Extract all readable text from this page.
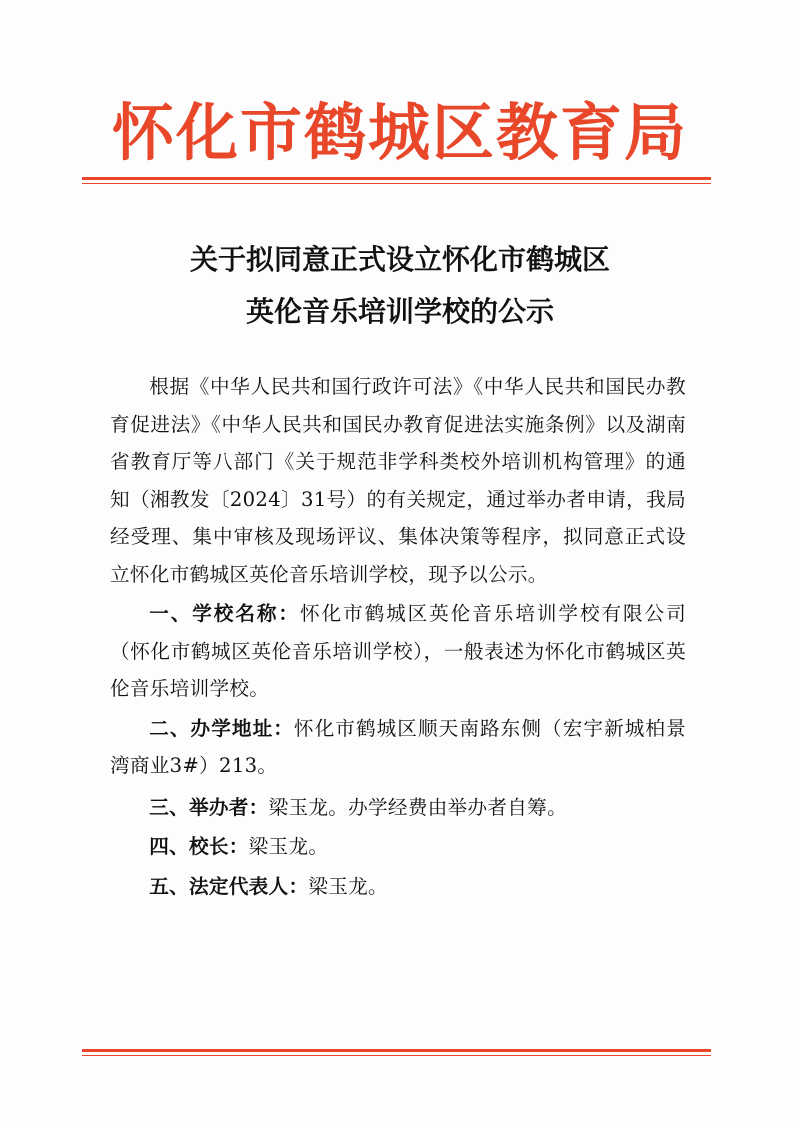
怀化市鹤城区教育局
关于拟同意正式设立怀化市鹤城区
英伦音乐培训学校的公示

根据《中华人民共和国行政许可法》《中华人民共和国民办教育促进法》《中华人民共和国民办教育促进法实施条例》以及湖南省教育厅等八部门《关于规范非学科类校外培训机构管理》的通知（湘教发〔2024〕31号）的有关规定，通过举办者申请，我局经受理、集中审核及现场评议、集体决策等程序，拟同意正式设立怀化市鹤城区英伦音乐培训学校，现予以公示。

一、学校名称：怀化市鹤城区英伦音乐培训学校有限公司（怀化市鹤城区英伦音乐培训学校），一般表述为怀化市鹤城区英伦音乐培训学校。

二、办学地址：怀化市鹤城区顺天南路东侧（宏宇新城柏景湾商业3#）213。

三、举办者：梁玉龙。办学经费由举办者自筹。

四、校长：梁玉龙。

五、法定代表人：梁玉龙。
